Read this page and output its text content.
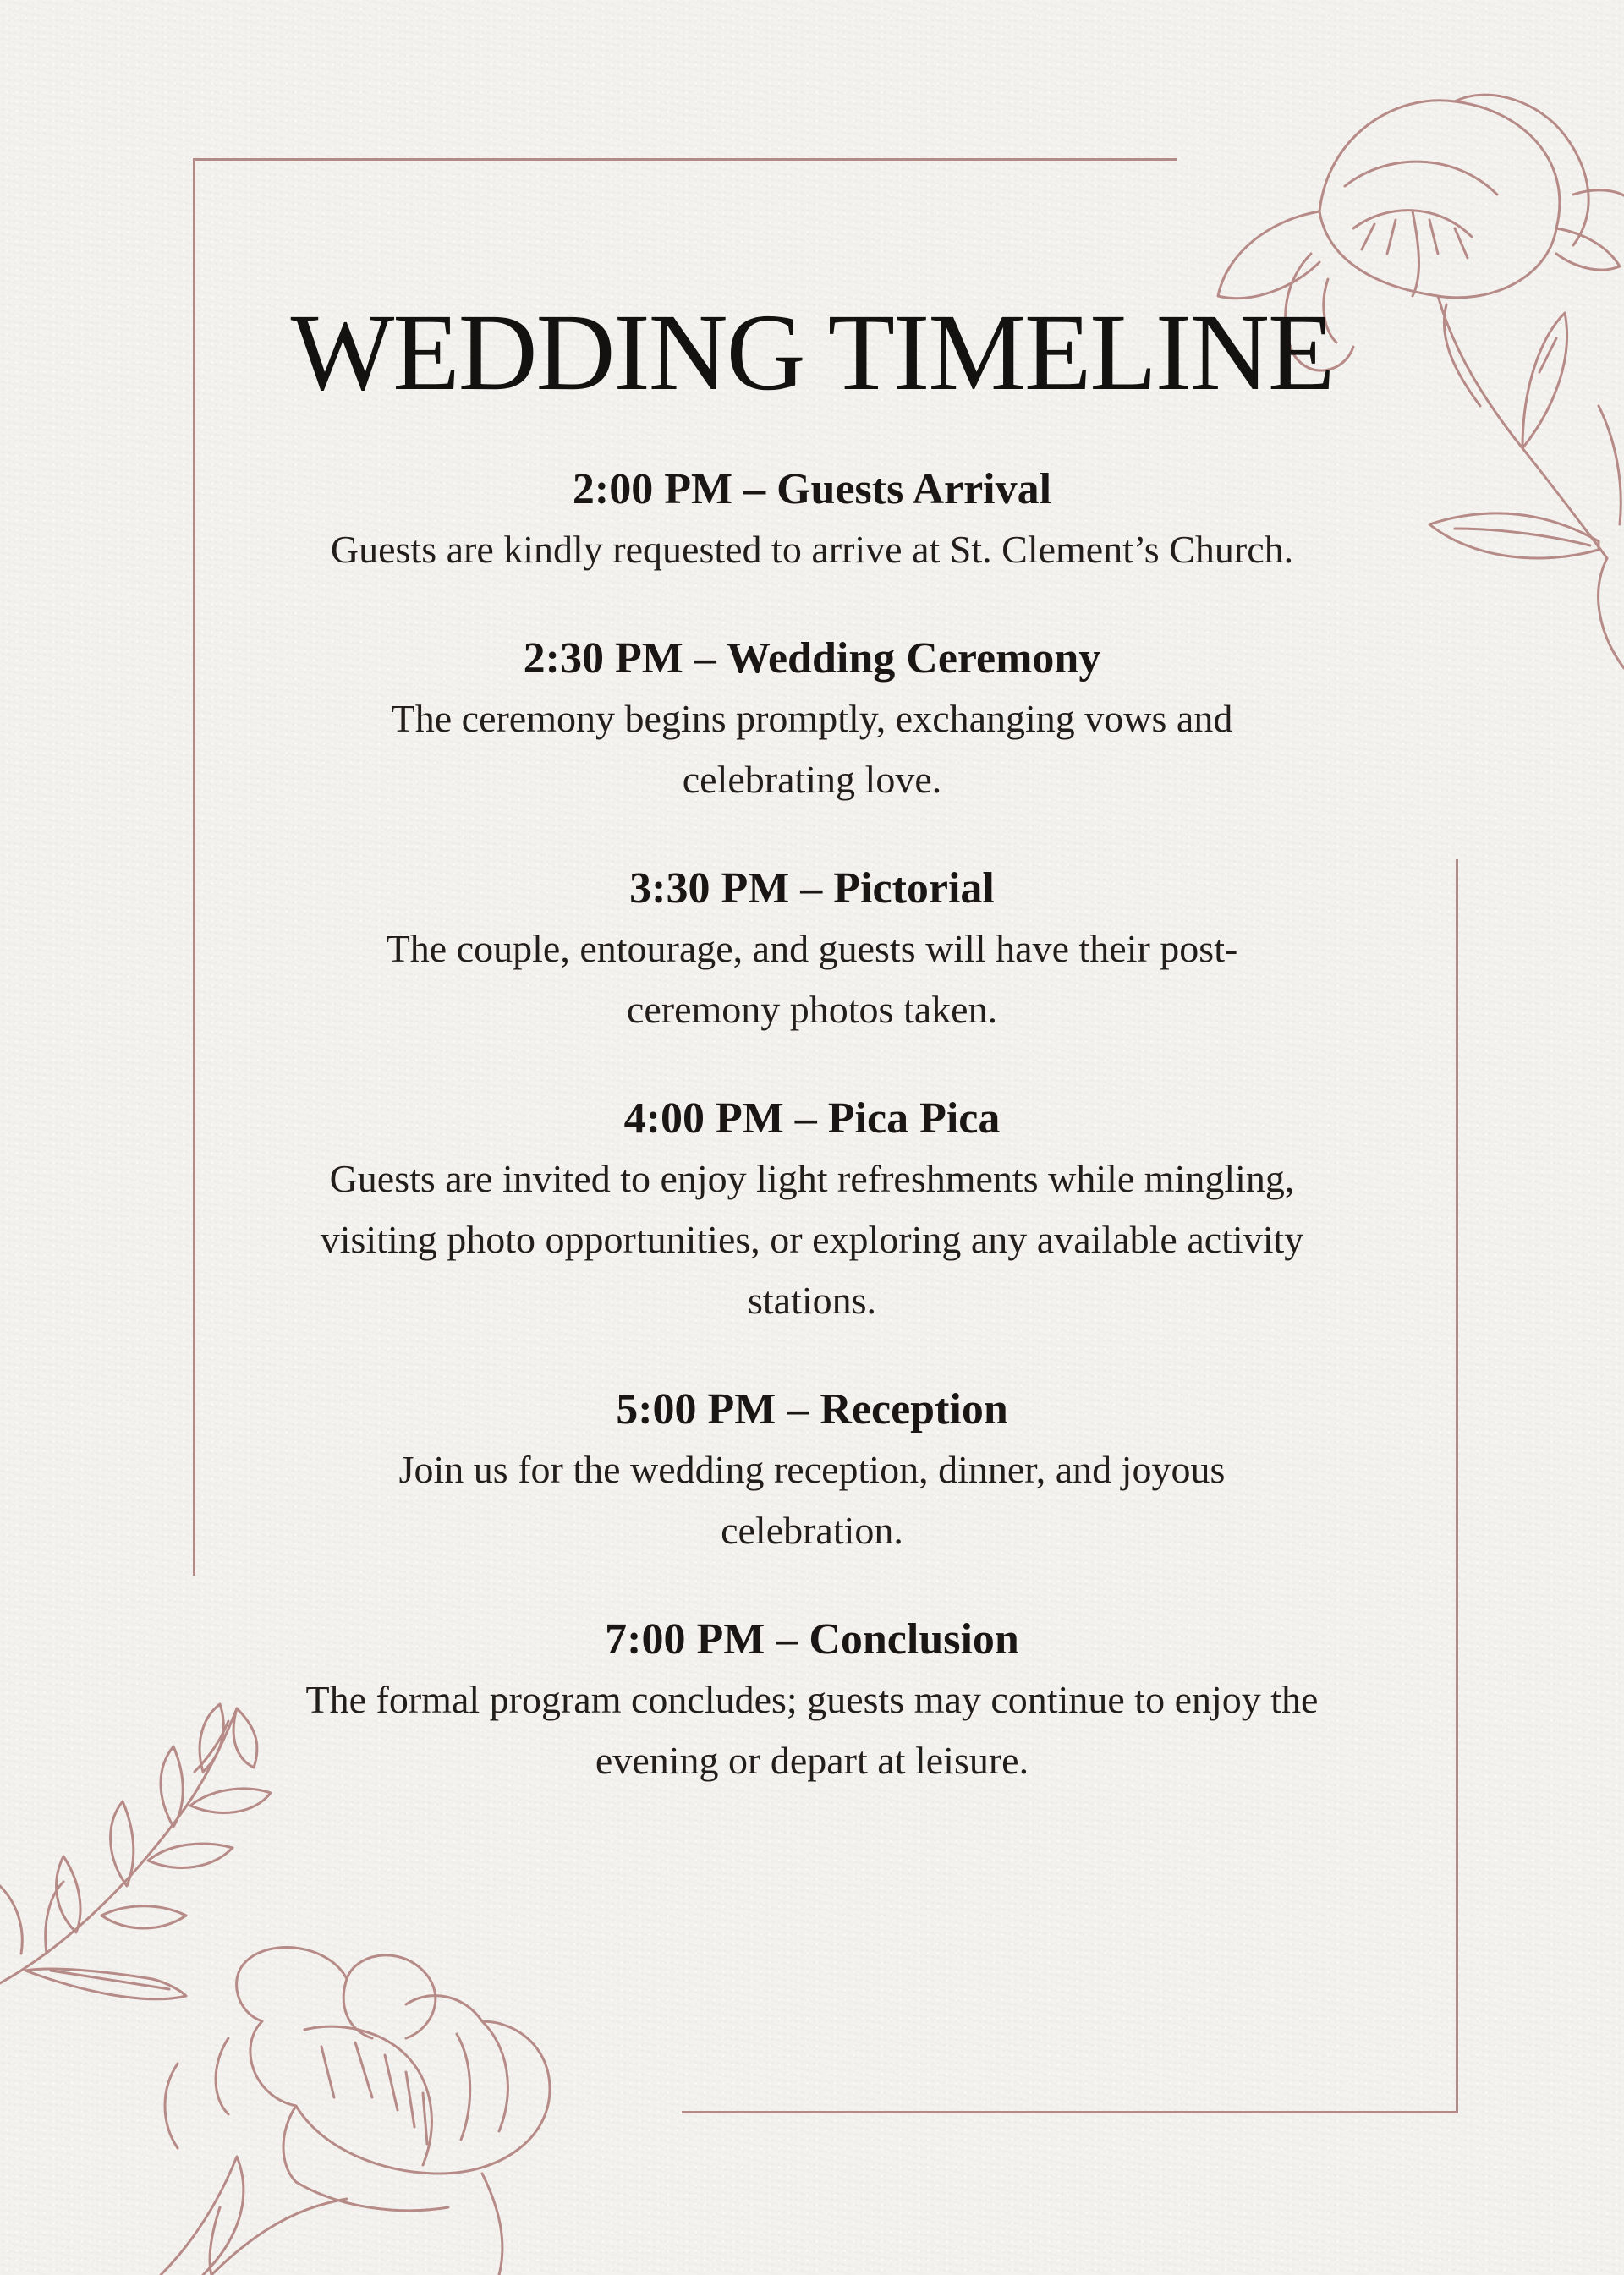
WEDDING TIMELINE
2:00 PM – Guests Arrival
Guests are kindly requested to arrive at St. Clement’s Church.
2:30 PM – Wedding Ceremony
The ceremony begins promptly, exchanging vows and celebrating love.
3:30 PM – Pictorial
The couple, entourage, and guests will have their post-ceremony photos taken.
4:00 PM – Pica Pica
Guests are invited to enjoy light refreshments while mingling, visiting photo opportunities, or exploring any available activity stations.
5:00 PM – Reception
Join us for the wedding reception, dinner, and joyous celebration.
7:00 PM – Conclusion
The formal program concludes; guests may continue to enjoy the evening or depart at leisure.
